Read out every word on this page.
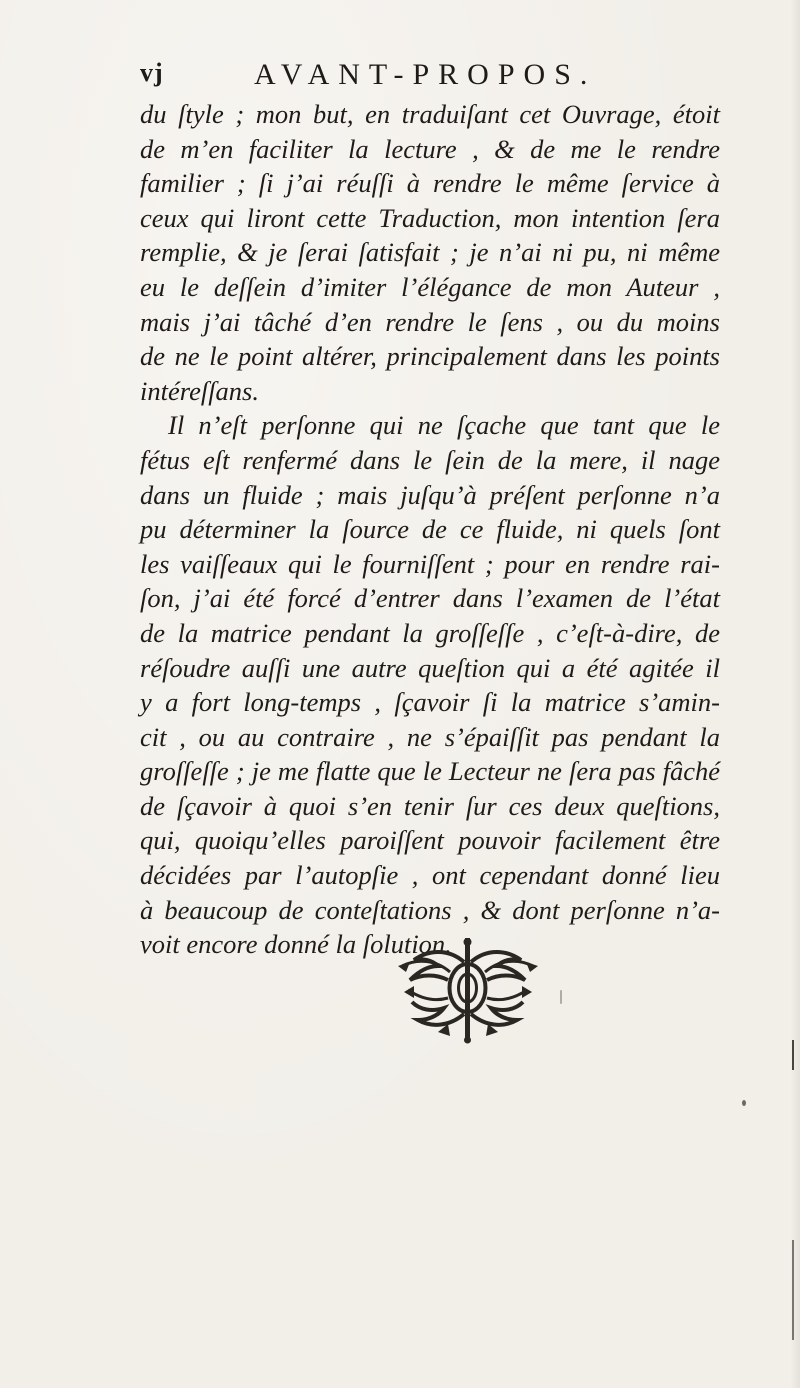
vj	AVANT-PROPOS.
du ſtyle ; mon but, en traduiſant cet Ouvrage, étoit
de m’en faciliter la lecture , & de me le rendre
familier ; ſi j’ai réuſſi à rendre le même ſervice à
ceux qui liront cette Traduction, mon intention ſera
remplie, & je ſerai ſatisfait ; je n’ai ni pu, ni même
eu le deſſein d’imiter l’élégance de mon Auteur ,
mais j’ai tâché d’en rendre le ſens , ou du moins
de ne le point altérer, principalement dans les points
intéreſſans.
Il n’eſt perſonne qui ne ſçache que tant que le
fétus eſt renfermé dans le ſein de la mere, il nage
dans un fluide ; mais juſqu’à préſent perſonne n’a
pu déterminer la ſource de ce fluide, ni quels ſont
les vaiſſeaux qui le fourniſſent ; pour en rendre rai-
ſon, j’ai été forcé d’entrer dans l’examen de l’état
de la matrice pendant la groſſeſſe , c’eſt-à-dire, de
réſoudre auſſi une autre queſtion qui a été agitée il
y a fort long-temps , ſçavoir ſi la matrice s’amin-
cit , ou au contraire , ne s’épaiſſit pas pendant la
groſſeſſe ; je me flatte que le Lecteur ne ſera pas fâché
de ſçavoir à quoi s’en tenir ſur ces deux queſtions,
qui, quoiqu’elles paroiſſent pouvoir facilement être
décidées par l’autopſie , ont cependant donné lieu
à beaucoup de conteſtations , & dont perſonne n’a-
voit encore donné la ſolution.
